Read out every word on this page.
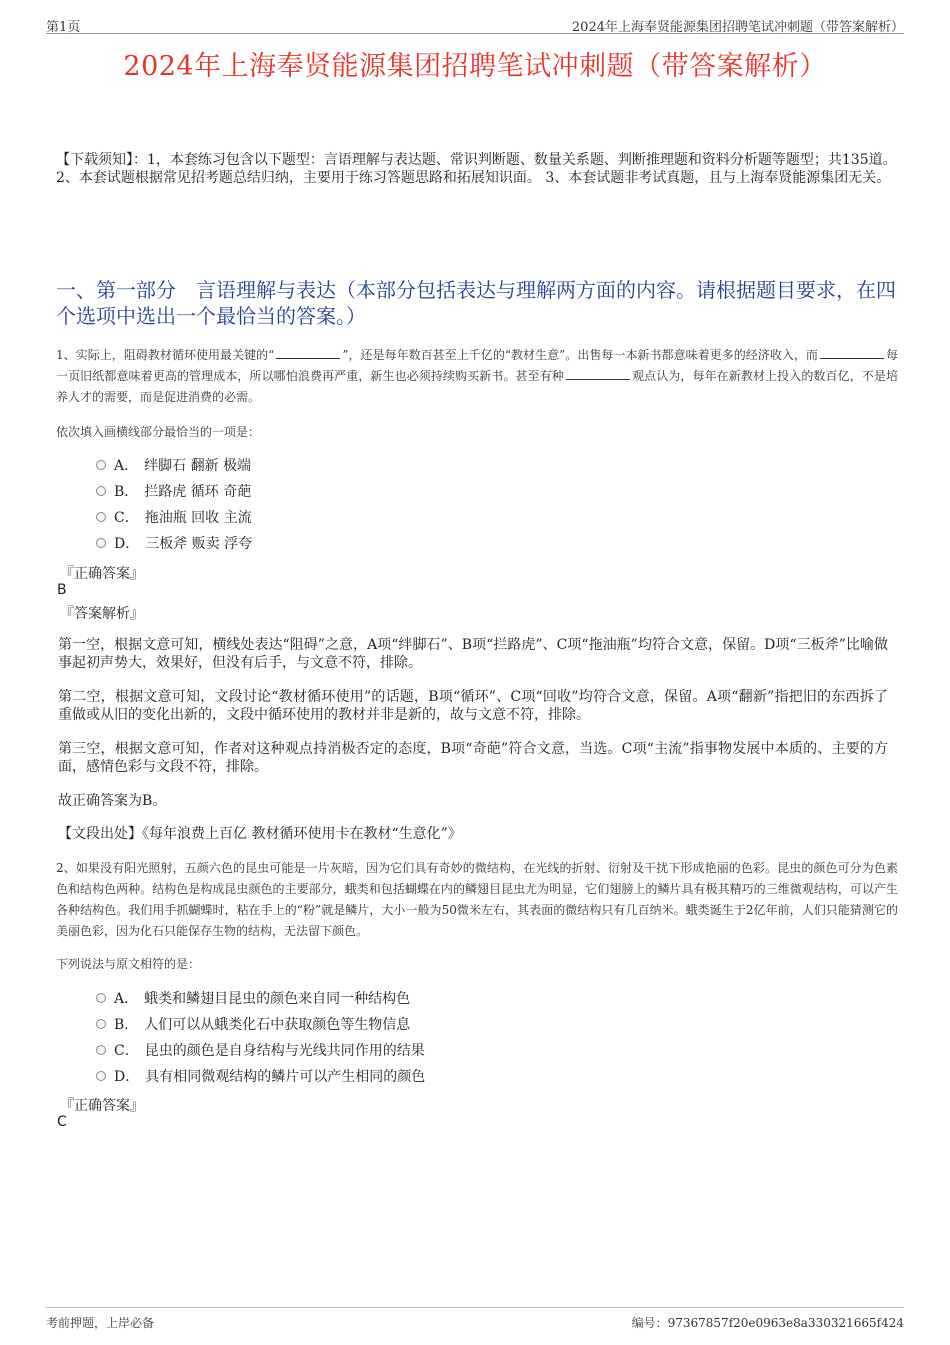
第1页	2024年上海奉贤能源集团招聘笔试冲刺题（带答案解析）
2024年上海奉贤能源集团招聘笔试冲刺题（带答案解析）
【下载须知】：1，本套练习包含以下题型：言语理解与表达题、常识判断题、数量关系题、判断推理题和资料分析题等题型；共135道。 2、本套试题根据常见招考题总结归纳，主要用于练习答题思路和拓展知识面。 3、本套试题非考试真题，且与上海奉贤能源集团无关。
一、第一部分　言语理解与表达（本部分包括表达与理解两方面的内容。请根据题目要求，在四个选项中选出一个最恰当的答案。）
1、实际上，阻碍教材循环使用最关键的“	”，还是每年数百甚至上千亿的“教材生意”。出售每一本新书都意味着更多的经济收入，而	每一页旧纸都意味着更高的管理成本，所以哪怕浪费再严重，新生也必须持续购买新书。甚至有种	观点认为，每年在新教材上投入的数百亿，不是培养人才的需要，而是促进消费的必需。
依次填入画横线部分最恰当的一项是：
A． 绊脚石 翻新 极端
B． 拦路虎 循环 奇葩
C． 拖油瓶 回收 主流
D． 三板斧 贩卖 浮夸
『正确答案』
B
『答案解析』
第一空，根据文意可知，横线处表达“阻碍”之意，A项“绊脚石”、B项“拦路虎”、C项“拖油瓶”均符合文意，保留。D项“三板斧”比喻做事起初声势大，效果好，但没有后手，与文意不符，排除。
第二空，根据文意可知，文段讨论“教材循环使用”的话题，B项“循环”、C项“回收”均符合文意，保留。A项“翻新”指把旧的东西拆了重做或从旧的变化出新的，文段中循环使用的教材并非是新的，故与文意不符，排除。
第三空，根据文意可知，作者对这种观点持消极否定的态度，B项“奇葩”符合文意，当选。C项“主流”指事物发展中本质的、主要的方面，感情色彩与文段不符，排除。
故正确答案为B。
【文段出处】《每年浪费上百亿 教材循环使用卡在教材“生意化”》
2、如果没有阳光照射，五颜六色的昆虫可能是一片灰暗，因为它们具有奇妙的微结构，在光线的折射、衍射及干扰下形成艳丽的色彩。昆虫的颜色可分为色素色和结构色两种。结构色是构成昆虫颜色的主要部分，蛾类和包括蝴蝶在内的鳞翅目昆虫尤为明显，它们翅膀上的鳞片具有极其精巧的三维微观结构，可以产生各种结构色。我们用手抓蝴蝶时，粘在手上的“粉”就是鳞片，大小一般为50微米左右，其表面的微结构只有几百纳米。蛾类诞生于2亿年前，人们只能猜测它的美丽色彩，因为化石只能保存生物的结构，无法留下颜色。
下列说法与原文相符的是：
A． 蛾类和鳞翅目昆虫的颜色来自同一种结构色
B． 人们可以从蛾类化石中获取颜色等生物信息
C． 昆虫的颜色是自身结构与光线共同作用的结果
D． 具有相同微观结构的鳞片可以产生相同的颜色
『正确答案』
C
考前押题，上岸必备	编号：97367857f20e0963e8a330321665f424
